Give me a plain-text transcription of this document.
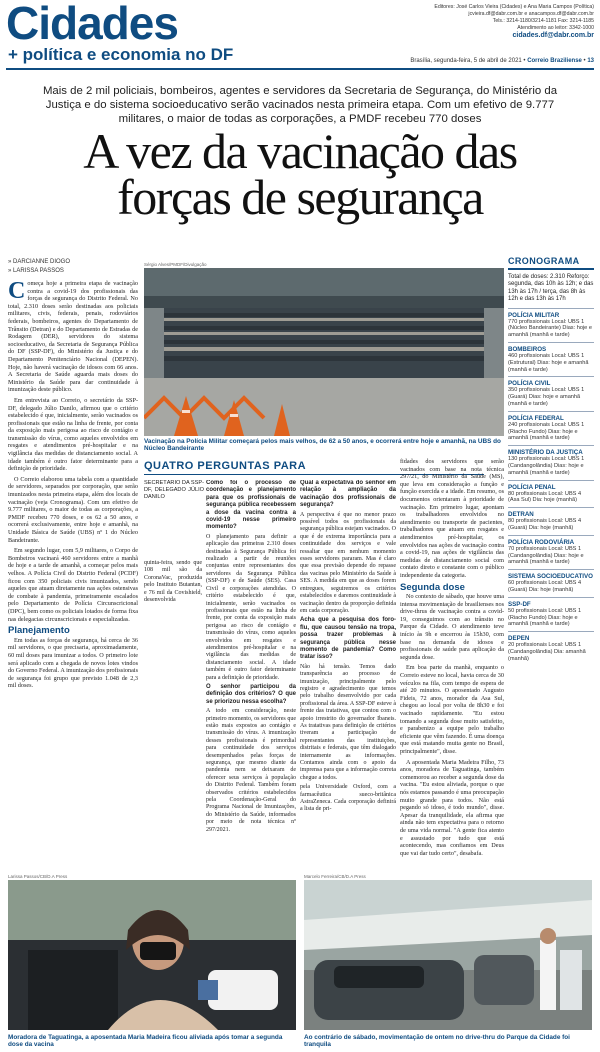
Cidades
+ política e economia no DF
Editores: José Carlos Vieira (Cidades) e Ana Maria Campos (Política)
jcvieira.df@dabr.com.br e anacampos.df@dabr.com.br
Tels.: 3214-1180/3214-1181 Fax: 3214-1185
Atendimento ao leitor: 3342-1000
cidades.df@dabr.com.br
Brasília, segunda-feira, 5 de abril de 2021 • Correio Braziliense • 13
Mais de 2 mil policiais, bombeiros, agentes e servidores da Secretaria de Segurança, do Ministério da Justiça e do sistema socioeducativo serão vacinados nesta primeira etapa. Com um efetivo de 9.777 militares, o maior de todas as corporações, a PMDF recebeu 770 doses
A vez da vacinação das
forças de segurança
» DARCIANNE DIOGO
» LARISSA PASSOS
C omeça hoje a primeira etapa de vacinação contra a covid-19 dos profissionais das forças de segurança do Distrito Federal. No total, 2.310 doses serão destinadas aos policiais militares, civis, federais, penais, rodoviários federais, bombeiros, agentes do Departamento de Trânsito (Detran) e do Departamento de Estradas de Rodagem (DER), servidores do sistema socioeducativo, da Secretaria de Segurança Pública do DF (SSP-DF), do Ministério da Justiça e do Departamento Penitenciário Nacional (DEPEN). Hoje, não haverá vacinação de idosos com 66 anos. A Secretaria de Saúde aguarda mais doses do Ministério da Saúde para dar continuidade à imunização deste público.

Em entrevista ao Correio, o secretário da SSP-DF, delegado Júlio Danilo, afirmou que o critério estabelecido é que, inicialmente, serão vacinados os profissionais que estão na linha de frente, por conta da exposição mais perigosa ao risco de contágio e transmissão do vírus, como aqueles envolvidos em resgates e atendimentos pré-hospitalar e na vigilância das medidas de distanciamento social. A idade também é outro fator determinante para a definição de prioridade.

O Correio elaborou uma tabela com a quantidade de servidores, separados por corporação, que serão imunizados nesta primeira etapa, além dos locais de vacinação (veja Cronograma). Com um efetivo de 9.777 militares, o maior de todas as corporações, a PMDF recebeu 770 doses, e os 62 a 50 anos, e ocorrerá exclusivamente, entre hoje e amanhã, na Unidade Básica de Saúde (UBS) nº 1 do Núcleo Bandeirante.

Em segundo lugar, com 5,9 militares, o Corpo de Bombeiros vacinará 460 servidores entre a manhã de hoje e a tarde de amanhã, a começar pelos mais velhos. A Polícia Civil do Distrito Federal (PCDF) ficou com 350 policiais civis imunizados, sendo aqueles que atuam diretamente nas ações ostensivas de combate à pandemia, primeiramente escalados pelo Departamento de Polícia Circunscricional (DPC), bem como os policiais lotados de forma fixa nas delegacias circunscricionais e especializadas.

Planejamento

Em todas as forças de segurança, há cerca de 36 mil servidores, o que precisaria, aproximadamente, 60 mil doses para imunizar a todos. O primeiro lote será aplicado com a chegada de novos lotes vindos do Governo Federal. A imunização dos profissionais de segurança foi grupo que previsto 1.048 de 2,3 mil doses.

Sérgio Alves/PMDF/Divulgação
Vacinação na Polícia Militar começará pelos mais velhos, de 62 a 50 anos, e ocorrerá entre hoje e amanhã, na UBS do Núcleo Bandeirante
QUATRO PERGUNTAS PARA
SECRETÁRIO DA SSP-DF, DELEGADO JÚLIO DANILO
Como foi o processo de coordenação e planejamento para que os profissionais de segurança pública recebessem a dose da vacina contra a covid-19 nesse primeiro momento?

O planejamento para definir a aplicação das primeiras 2.310 doses destinadas à Segurança Pública foi realizado a partir de reuniões conjuntas entre representantes dos servidores da Segurança Pública (SSP-DF) e de Saúde (SES). Casa Civil e corporações atendidas. O critério estabelecido é que, inicialmente, serão vacinados os profissionais que estão na linha de frente, por conta da exposição mais perigosa ao risco de contágio e transmissão do vírus, como aqueles envolvidos em resgates e atendimentos pré-hospitalar e na vigilância das medidas de distanciamento social. A idade também é outro fator determinante para a definição de prioridade.

O senhor participou da definição dos critérios? O que se priorizou nessa escolha?

A todo em consideração, neste primeiro momento, os servidores que estão mais expostos ao contágio e transmissão do vírus. A imunização desses profissionais é primordial para continuidade dos serviços desempenhados pelas forças de segurança, que mesmo diante da pandemia nem se deixaram de oferecer seus serviços à população do Distrito Federal. Também foram observados critérios estabelecidos pela Coordenação-Geral do Programa Nacional de Imunizações, do Ministério da Saúde, informados por meio de nota técnica nº 297/2021.

quinta-feira, sendo que 108 mil são da CoronaVac, produzida pelo Instituto Butantan, e 76 mil da Covishield, desenvolvida

Qual a expectativa do senhor em relação à ampliação da vacinação dos profissionais de segurança?

A perspectiva é que no menor prazo possível todos os profissionais da segurança pública estejam vacinados. O que é de extrema importância para a continuidade dos serviços e vale ressaltar que em nenhum momento esses servidores pararam. Mas é claro que essa previsão depende do repasse das vacinas pelo Ministério da Saúde à SES. A medida em que as doses forem entregues, seguiremos os critérios estabelecidos e daremos continuidade à vacinação dentro da proporção definida em cada corporação.

Acha que a pesquisa dos foro-flu, que causou tensão na tropa, possa trazer problemas à segurança pública nesse momento de pandemia? Como tratar isso?

Não há tensão. Temos dado transparência ao processo de imunização, principalmente pelo registro e agradecimento que temos pelo trabalho desenvolvido por cada profissional da área. A SSP-DF esteve à frente das tratativas, que contou com o apoio irrestrito do governador Ibaneis. As tratativas para definição de critérios tiveram a participação de representantes das instituições, distritais e federais, que têm dialogado internamente as informações. Contamos ainda com o apoio da imprensa para que a informação correta chegue a todos.

pela Universidade Oxford, com a farmacêutica sueco-britânica AstraZeneca. Cada corporação definirá a lista de pri-

fidades dos servidores que serão vacinados com base na nota técnica 297/21, do Ministério da Saúde (MS), que leva em consideração a função e função exercida e a idade. Em resumo, os documentos orientaram à prioridade de vacinação. Em primeiro lugar, apontam os trabalhadores envolvidos no atendimento ou transporte de pacientes, trabalhadores que atuam em resgates e atendimentos pré-hospitalar, os envolvidos nas ações de vacinação contra a covid-19, nas ações de vigilância das medidas de distanciamento social com contato direto e constante com o público independente da categoria.

Segunda dose

No contexto de sábado, que houve uma intensa movimentação de brasilienses nos drive-thrus de vacinação contra a covid-19, conseguimos com ao trânsito no Parque da Cidade. O atendimento teve início às 9h e encerrou às 15h30, com base na demanda de idosos e profissionais de saúde para aplicação da segunda dose.

Em boa parte da manhã, enquanto o Correio esteve no local, havia cerca de 30 veículos na fila, com tempo de espera de até 20 minutos. O aposentado Augusto Fideis, 72 anos, morador da Asa Sul, chegou ao local por volta de 8h30 e foi vacinado rapidamente. "Eu estou tomando a segunda dose muito satisfeito, e parabenizo a equipe pelo trabalho eficiente que vêm fazendo. É uma doença que está matando muita gente no Brasil, principalmente", disse.

A aposentada Maria Madeira Filho, 73 anos, moradora de Taguatinga, também comemorou ao receber a segunda dose da vacina. "Eu estou aliviada, porque o que nós estamos passando é uma preocupação muito grande para todos. Não está pegando só idoso, é todo mundo", disse. Apesar da tranquilidade, ela afirma que ainda não tem expectativa para o retorno de uma vida normal. "A gente fica atento e assustado por tudo que está acontecendo, mas confiamos em Deus que vai dar tudo certo", desabafa.

CRONOGRAMA
Total de doses: 2.310 Reforço: segunda, das 10h às 12h; e das 13h às 17h / terça, das 8h às 12h e das 13h às 17h
POLÍCIA MILITAR
770 profissionais Local: UBS 1 (Núcleo Bandeirante) Dias: hoje e amanhã (manhã e tarde)
BOMBEIROS
460 profissionais Local: UBS 1 (Estrutural) Dias: hoje e amanhã (manhã e tarde)
POLÍCIA CIVIL
350 profissionais Local: UBS 1 (Guará) Dias: hoje e amanhã (manhã e tarde)
POLÍCIA FEDERAL
240 profissionais Local: UBS 1 (Riacho Fundo) Dias: hoje e amanhã (manhã e tarde)
MINISTÉRIO DA JUSTIÇA
130 profissionais Local: UBS 1 (Candangolândia) Dias: hoje e amanhã (manhã e tarde)
POLÍCIA PENAL
80 profissionais Local: UBS 4 (Asa Sul) Dia: hoje (manhã)
DETRAN
80 profissionais Local: UBS 4 (Guará) Dia: hoje (manhã)
POLÍCIA RODOVIÁRIA
70 profissionais Local: UBS 1 (Candangolândia) Dias: hoje e amanhã (manhã e tarde)
SISTEMA SOCIOEDUCATIVO
60 profissionais Local: UBS 4 (Guará) Dia: hoje (manhã)
SSP-DF
50 profissionais Local: UBS 1 (Riacho Fundo) Dias: hoje e amanhã (manhã e tarde)
DEPEN
20 profissionais Local: UBS 1 (Candangolândia) Dia: amanhã (manhã)
Larissa Passos/CB/D.A Press	Marcelo Ferreira/CB/D.A Press
Moradora de Taguatinga, a aposentada Maria Madeira ficou aliviada após tomar a segunda dose da vacina
Ao contrário de sábado, movimentação de ontem no drive-thru do Parque da Cidade foi tranquila
